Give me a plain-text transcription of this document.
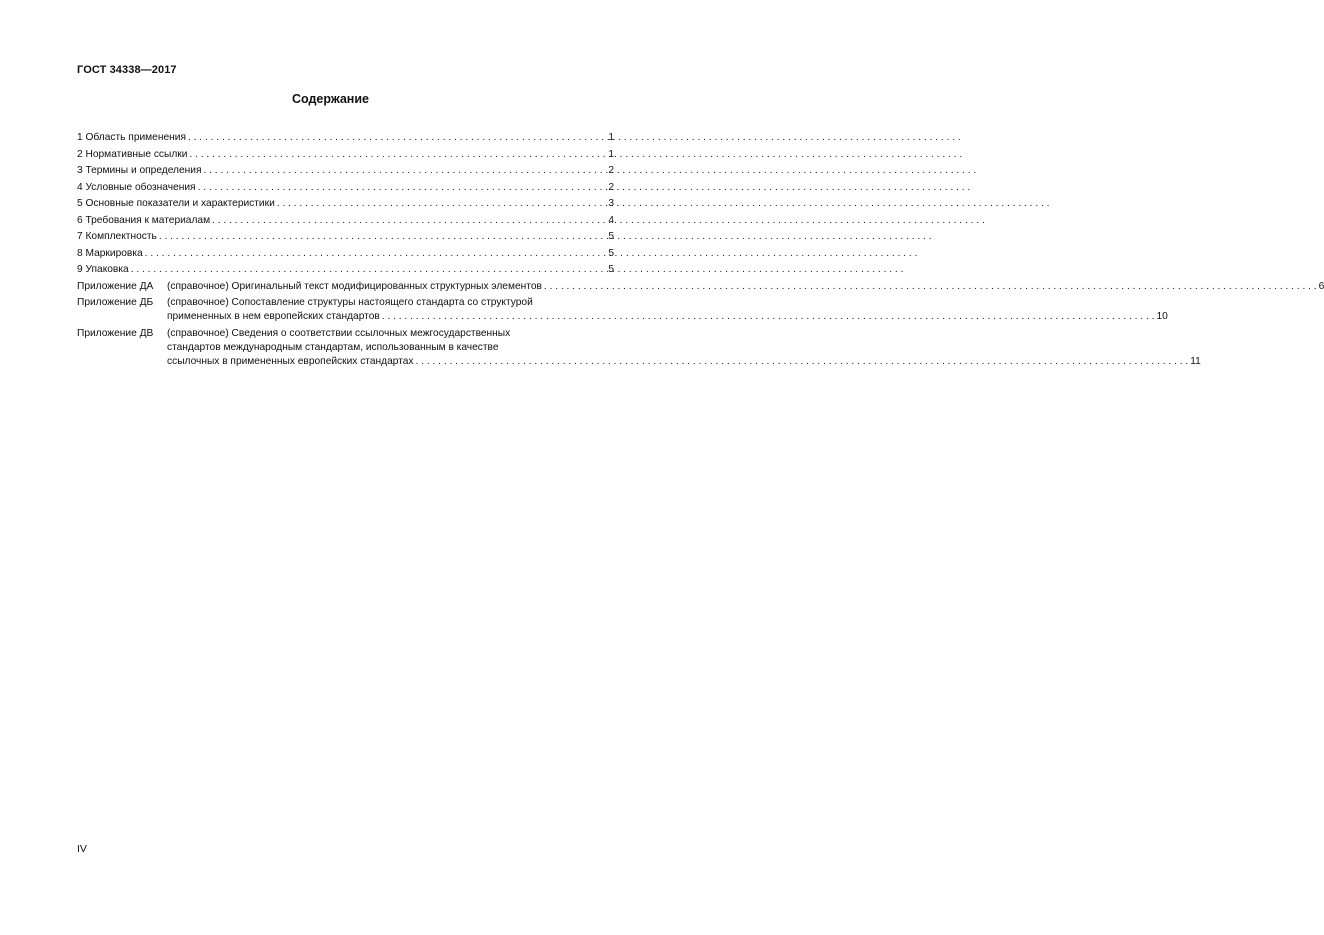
ГОСТ 34338—2017
Содержание
1 Область применения . . .	1
2 Нормативные ссылки . . .	1
3 Термины и определения . . .	2
4 Условные обозначения . . .	2
5 Основные показатели и характеристики . . .	3
6 Требования к материалам . . .	4
7 Комплектность . . .	5
8 Маркировка . . .	5
9 Упаковка . . .	5
Приложение ДА	(справочное) Оригинальный текст модифицированных структурных элементов . . .	6
Приложение ДБ	(справочное) Сопоставление структуры настоящего стандарта со структурой
примененных в нем европейских стандартов . . .	10
Приложение ДВ	(справочное) Сведения о соответствии ссылочных межгосударственных
стандартов международным стандартам, использованным в качестве
ссылочных в примененных европейских стандартах . . .	11
IV
